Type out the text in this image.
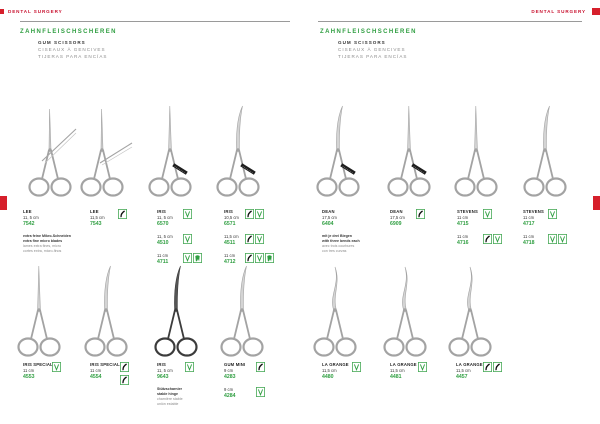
DENTAL SURGERY
ZAHNFLEISCHSCHEREN
GUM SCISSORS
CISEAUX À GENCIVES
TIJERAS PARA ENCÍAS
DENTAL SURGERY
ZAHNFLEISCHSCHEREN
GUM SCISSORS
CISEAUX À GENCIVES
TIJERAS PARA ENCÍAS
LEE
11, 5 cm
7542
extra feine Mikro-Schneiden
extra fine micro blades
lames extra fines, micro
cortes extra, micro-finos
LEE
11,5 cm
7543
IRIS
11, 5 cm
6570
11, 5 cm
4510
11 cm
4711
IRIS
10,5 cm
6571
11,5 cm
4511
11 cm
4712
DEAN
17,5 cm
6404
mit je drei Biegen
with three bends each
avec trois courbures
con tres curvas
DEAN
17,5 cm
6909
STEVENS
11 cm
4715
11 cm
4716
STEVENS
11 cm
4717
11 cm
4718
IRIS SPECIAL
11 cm
4553
IRIS SPECIAL
11 cm
4554
IRIS
11, 5 cm
9643
Stützscharnier
stable hinge
charnière stable
unión estable
GUM MINI
9 cm
4283
9 cm
4284
LA GRANGE
11,5 cm
4480
LA GRANGE
11,5 cm
4481
LA GRANGE
11,5 cm
4457
